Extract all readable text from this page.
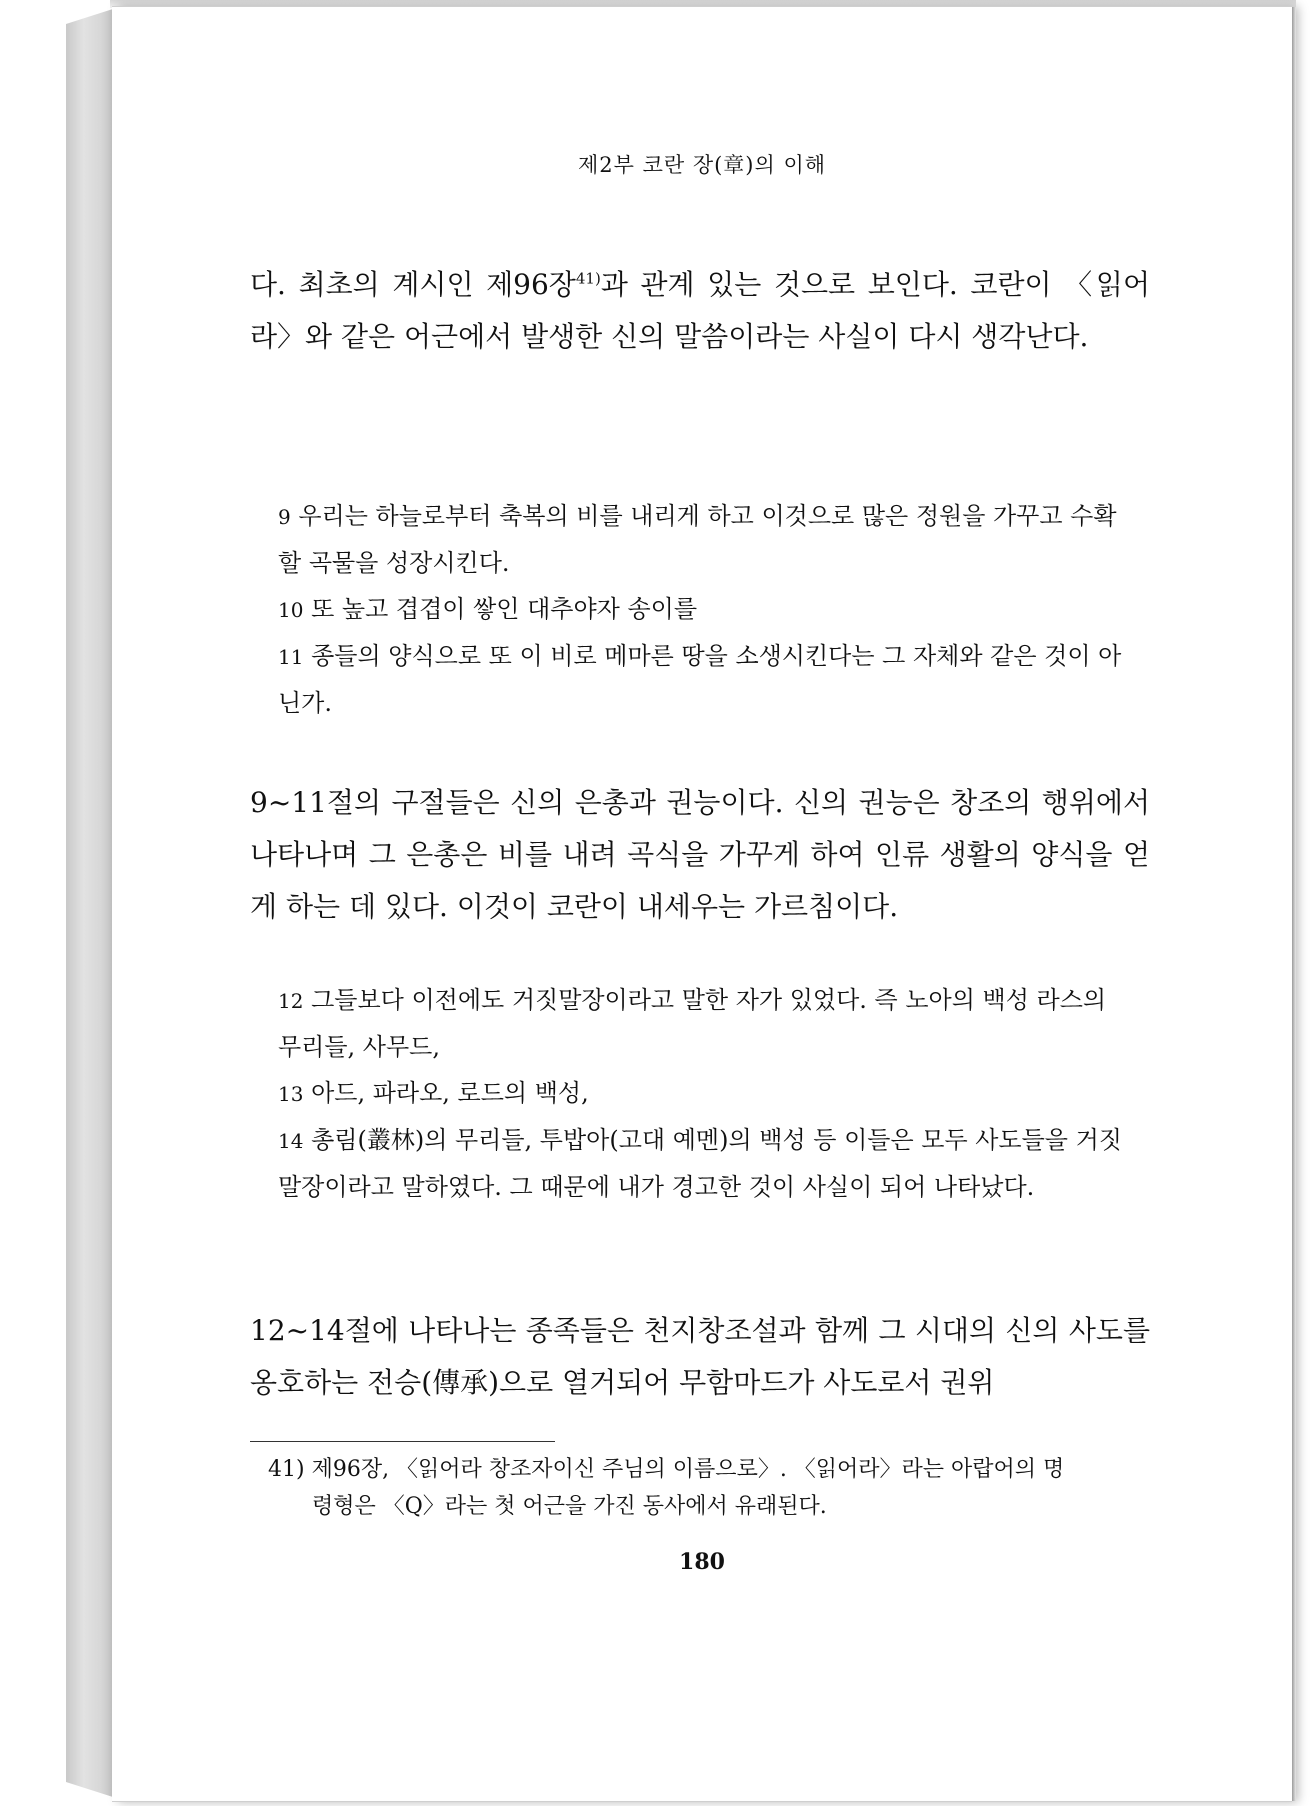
제2부 코란 장(章)의 이해

다. 최초의 계시인 제96장$^{41)}$과 관계 있는 것으로 보인다. 코란이 〈읽어라〉와 같은 어근에서 발생한 신의 말씀이라는 사실이 다시 생각난다.

9 우리는 하늘로부터 축복의 비를 내리게 하고 이것으로 많은 정원을 가꾸고 수확할 곡물을 성장시킨다.

10 또 높고 겹겹이 쌓인 대추야자 송이를

11 종들의 양식으로 또 이 비로 메마른 땅을 소생시킨다는 그 자체와 같은 것이 아닌가.

9~11절의 구절들은 신의 은총과 권능이다. 신의 권능은 창조의 행위에서 나타나며 그 은총은 비를 내려 곡식을 가꾸게 하여 인류 생활의 양식을 얻게 하는 데 있다. 이것이 코란이 내세우는 가르침이다.

12 그들보다 이전에도 거짓말장이라고 말한 자가 있었다. 즉 노아의 백성 라스의 무리들, 사무드,

13 아드, 파라오, 로드의 백성,

14 총림(叢林)의 무리들, 투밥아(고대 예멘)의 백성 등 이들은 모두 사도들을 거짓말장이라고 말하였다. 그 때문에 내가 경고한 것이 사실이 되어 나타났다.

12~14절에 나타나는 종족들은 천지창조설과 함께 그 시대의 신의 사도를 옹호하는 전승(傳承)으로 열거되어 무함마드가 사도로서 권위

41) 제96장, 〈읽어라 창조자이신 주님의 이름으로〉. 〈읽어라〉라는 아랍어의 명
령형은 〈Q〉라는 첫 어근을 가진 동사에서 유래된다.
180
